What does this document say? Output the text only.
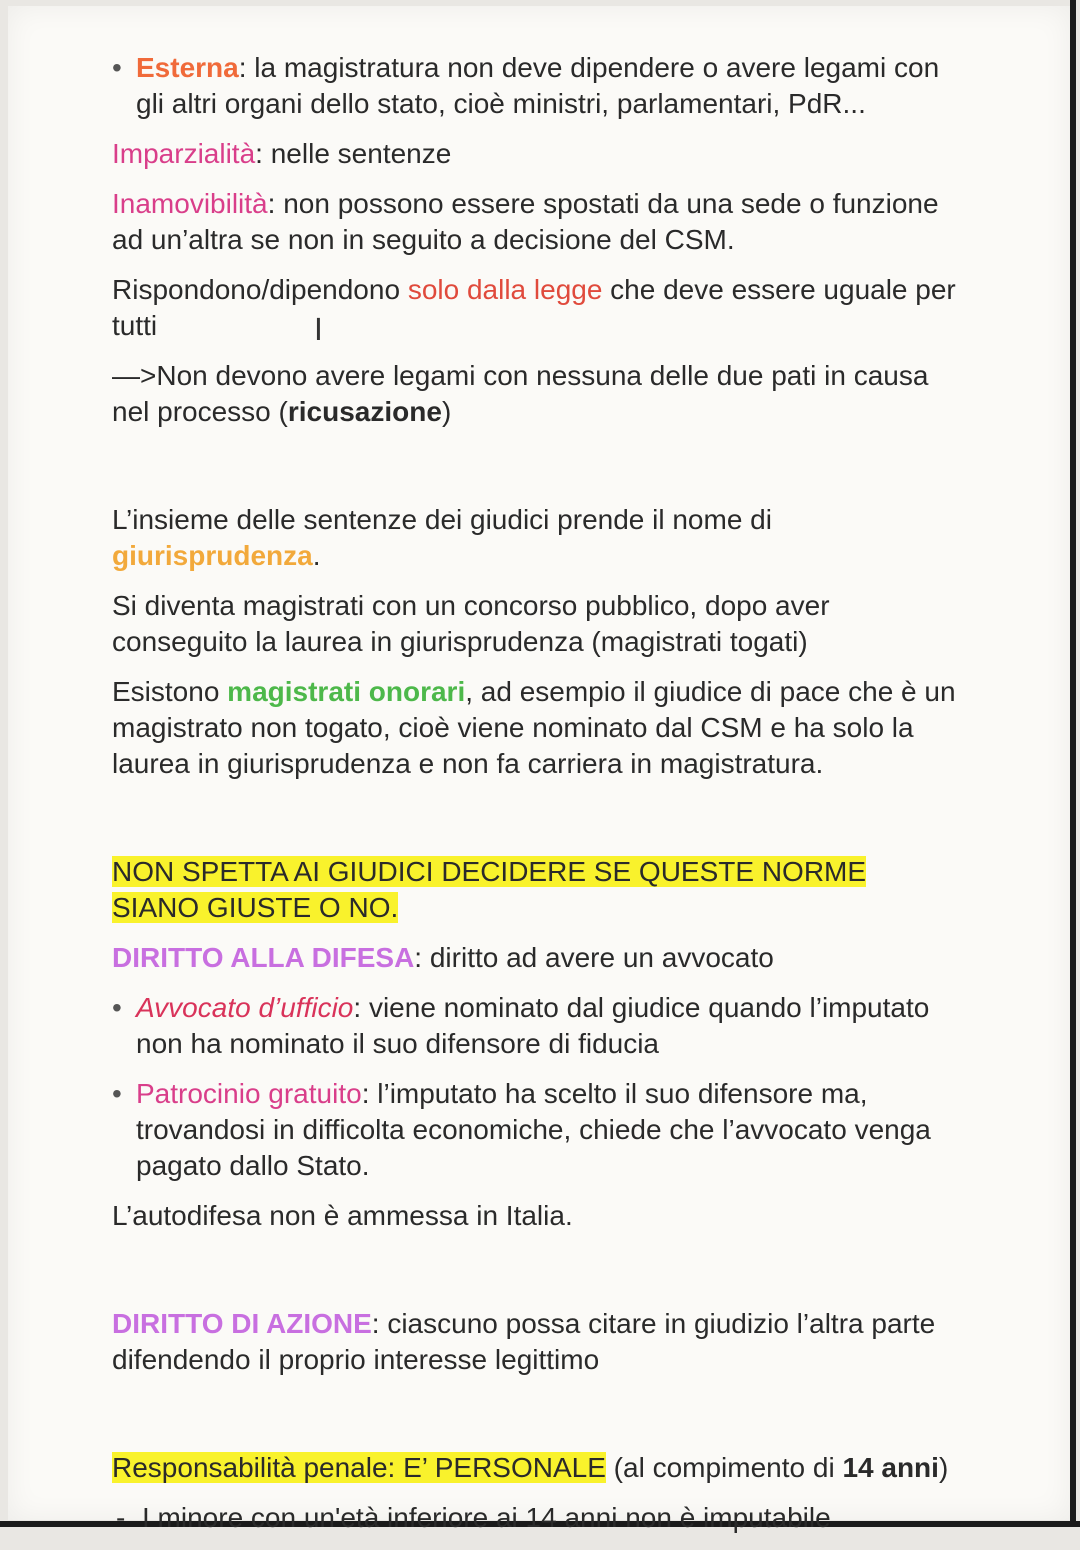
• Esterna: la magistratura non deve dipendere o avere legami con gli altri organi dello stato, cioè ministri, parlamentari, PdR...
Imparzialità: nelle sentenze
Inamovibilità: non possono essere spostati da una sede o funzione ad un’altra se non in seguito a decisione del CSM.
Rispondono/dipendono solo dalla legge che deve essere uguale per tutti
—>Non devono avere legami con nessuna delle due pati in causa nel processo (ricusazione)
L’insieme delle sentenze dei giudici prende il nome di giurisprudenza.
Si diventa magistrati con un concorso pubblico, dopo aver conseguito la laurea in giurisprudenza (magistrati togati)
Esistono magistrati onorari, ad esempio il giudice di pace che è un magistrato non togato, cioè viene nominato dal CSM e ha solo la laurea in giurisprudenza e non fa carriera in magistratura.
NON SPETTA AI GIUDICI DECIDERE SE QUESTE NORME SIANO GIUSTE O NO.
DIRITTO ALLA DIFESA: diritto ad avere un avvocato
• Avvocato d’ufficio: viene nominato dal giudice quando l’imputato non ha nominato il suo difensore di fiducia
• Patrocinio gratuito: l’imputato ha scelto il suo difensore ma, trovandosi in difficolta economiche, chiede che l’avvocato venga pagato dallo Stato.
L’autodifesa non è ammessa in Italia.
DIRITTO DI AZIONE: ciascuno possa citare in giudizio l’altra parte difendendo il proprio interesse legittimo
Responsabilità penale: E’ PERSONALE (al compimento di 14 anni)
- I minore con un'età inferiore ai 14 anni non è imputabile
I
